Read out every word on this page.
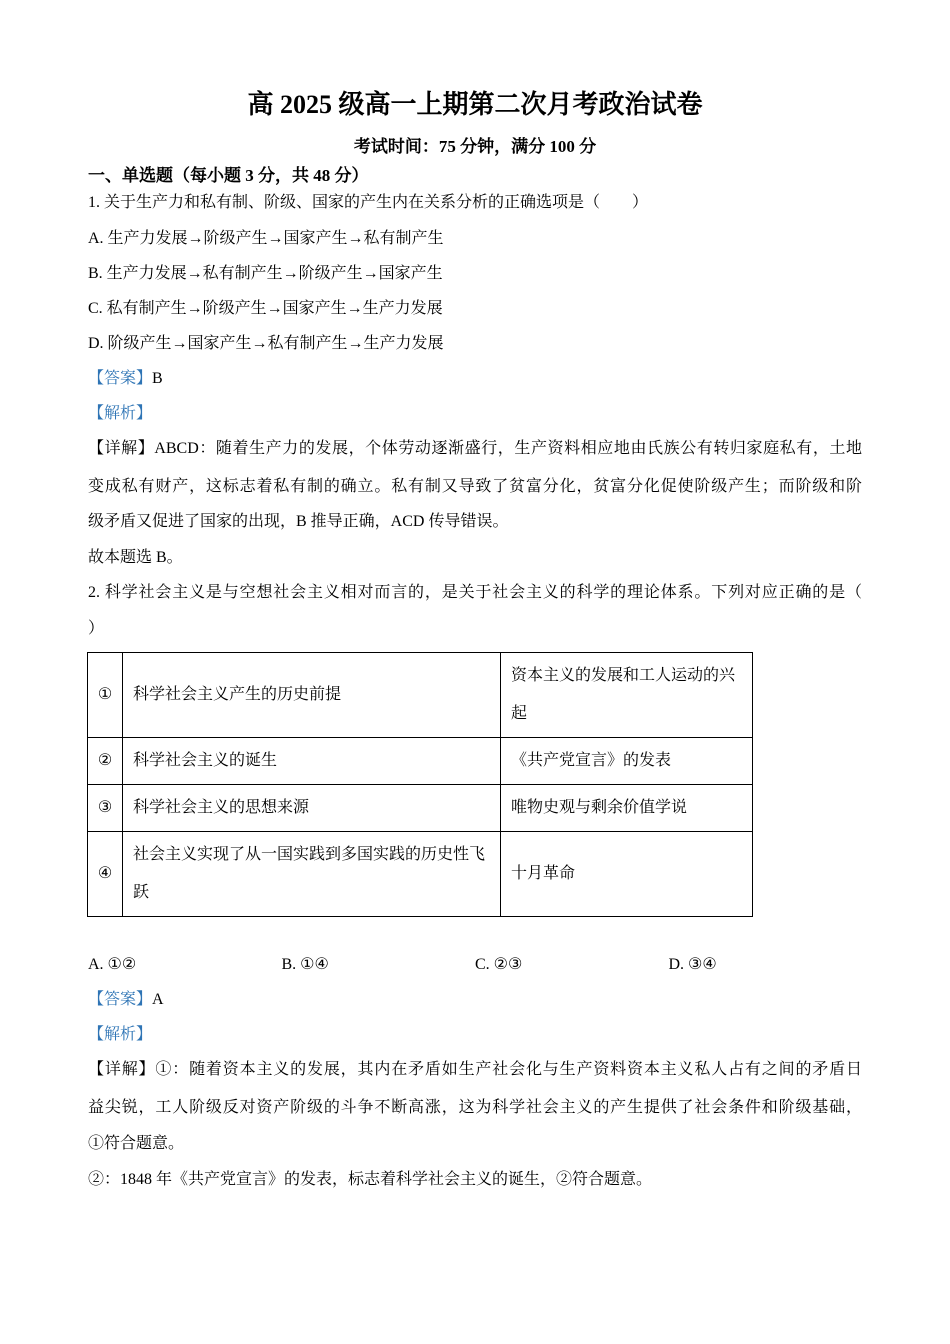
高 2025 级高一上期第二次月考政治试卷
考试时间：75 分钟，满分 100 分
一、单选题（每小题 3 分，共 48 分）
1. 关于生产力和私有制、阶级、国家的产生内在关系分析的正确选项是（　　）
A. 生产力发展→阶级产生→国家产生→私有制产生
B. 生产力发展→私有制产生→阶级产生→国家产生
C. 私有制产生→阶级产生→国家产生→生产力发展
D. 阶级产生→国家产生→私有制产生→生产力发展
【答案】B
【解析】
【详解】ABCD：随着生产力的发展，个体劳动逐渐盛行，生产资料相应地由氏族公有转归家庭私有，土地
变成私有财产，这标志着私有制的确立。私有制又导致了贫富分化，贫富分化促使阶级产生；而阶级和阶
级矛盾又促进了国家的出现，B 推导正确，ACD 传导错误。
故本题选 B。
2. 科学社会主义是与空想社会主义相对而言的，是关于社会主义的科学的理论体系。下列对应正确的是（
）
①	科学社会主义产生的历史前提	资本主义的发展和工人运动的兴起
②	科学社会主义的诞生	《共产党宣言》的发表
③	科学社会主义的思想来源	唯物史观与剩余价值学说
④	社会主义实现了从一国实践到多国实践的历史性飞跃	十月革命
A. ①②	B. ①④	C. ②③	D. ③④
【答案】A
【解析】
【详解】①：随着资本主义的发展，其内在矛盾如生产社会化与生产资料资本主义私人占有之间的矛盾日
益尖锐，工人阶级反对资产阶级的斗争不断高涨，这为科学社会主义的产生提供了社会条件和阶级基础，
①符合题意。
②：1848 年《共产党宣言》的发表，标志着科学社会主义的诞生，②符合题意。
